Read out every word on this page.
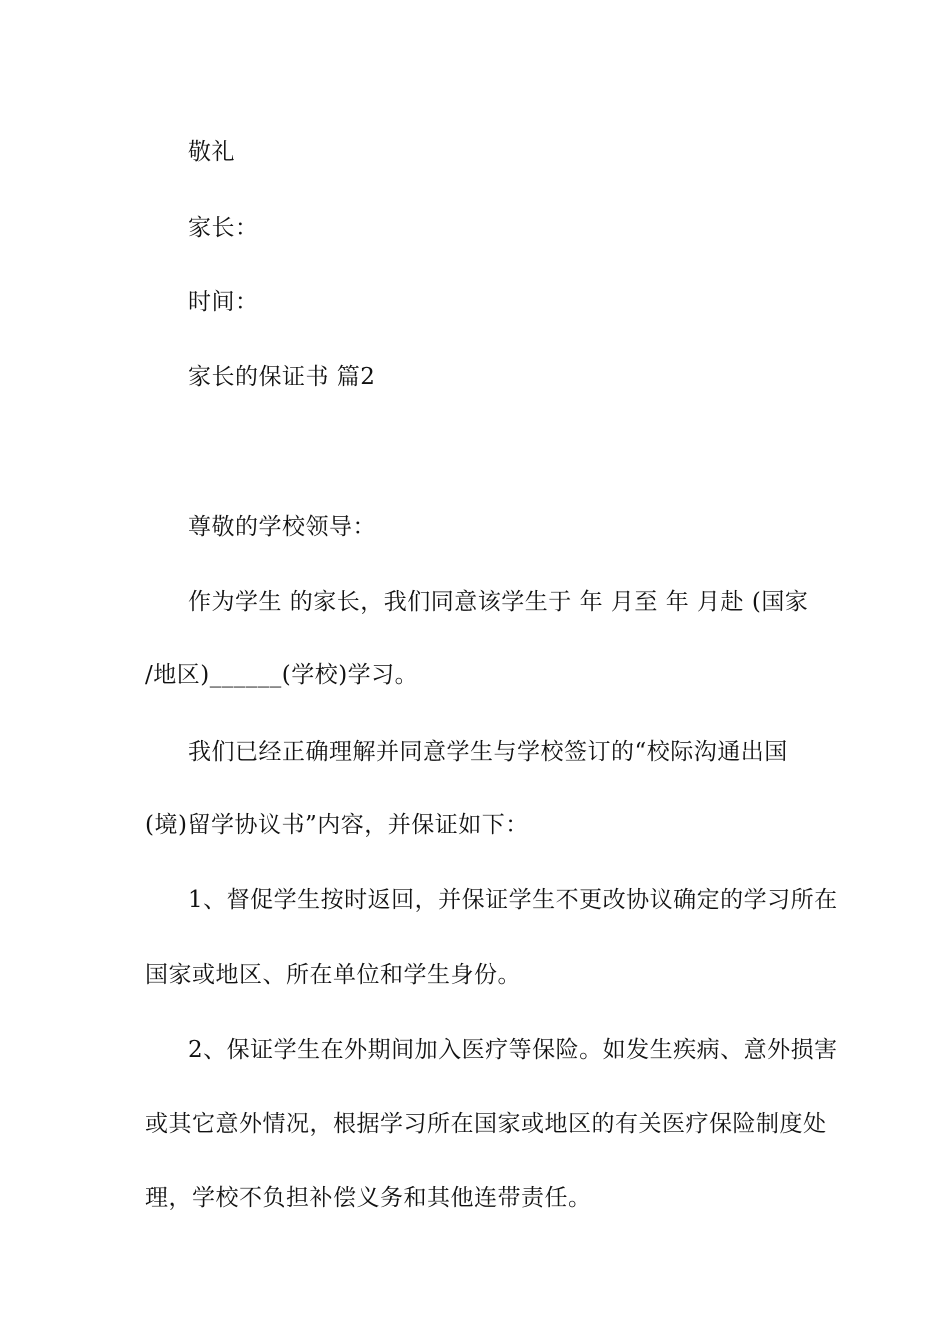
敬礼
家长：
时间：
家长的保证书 篇2
尊敬的学校领导：
作为学生 的家长，我们同意该学生于 年 月至 年 月赴 (国家
/地区)______(学校)学习。
我们已经正确理解并同意学生与学校签订的“校际沟通出国
(境)留学协议书”内容，并保证如下：
1、督促学生按时返回，并保证学生不更改协议确定的学习所在
国家或地区、所在单位和学生身份。
2、保证学生在外期间加入医疗等保险。如发生疾病、意外损害
或其它意外情况，根据学习所在国家或地区的有关医疗保险制度处
理，学校不负担补偿义务和其他连带责任。
